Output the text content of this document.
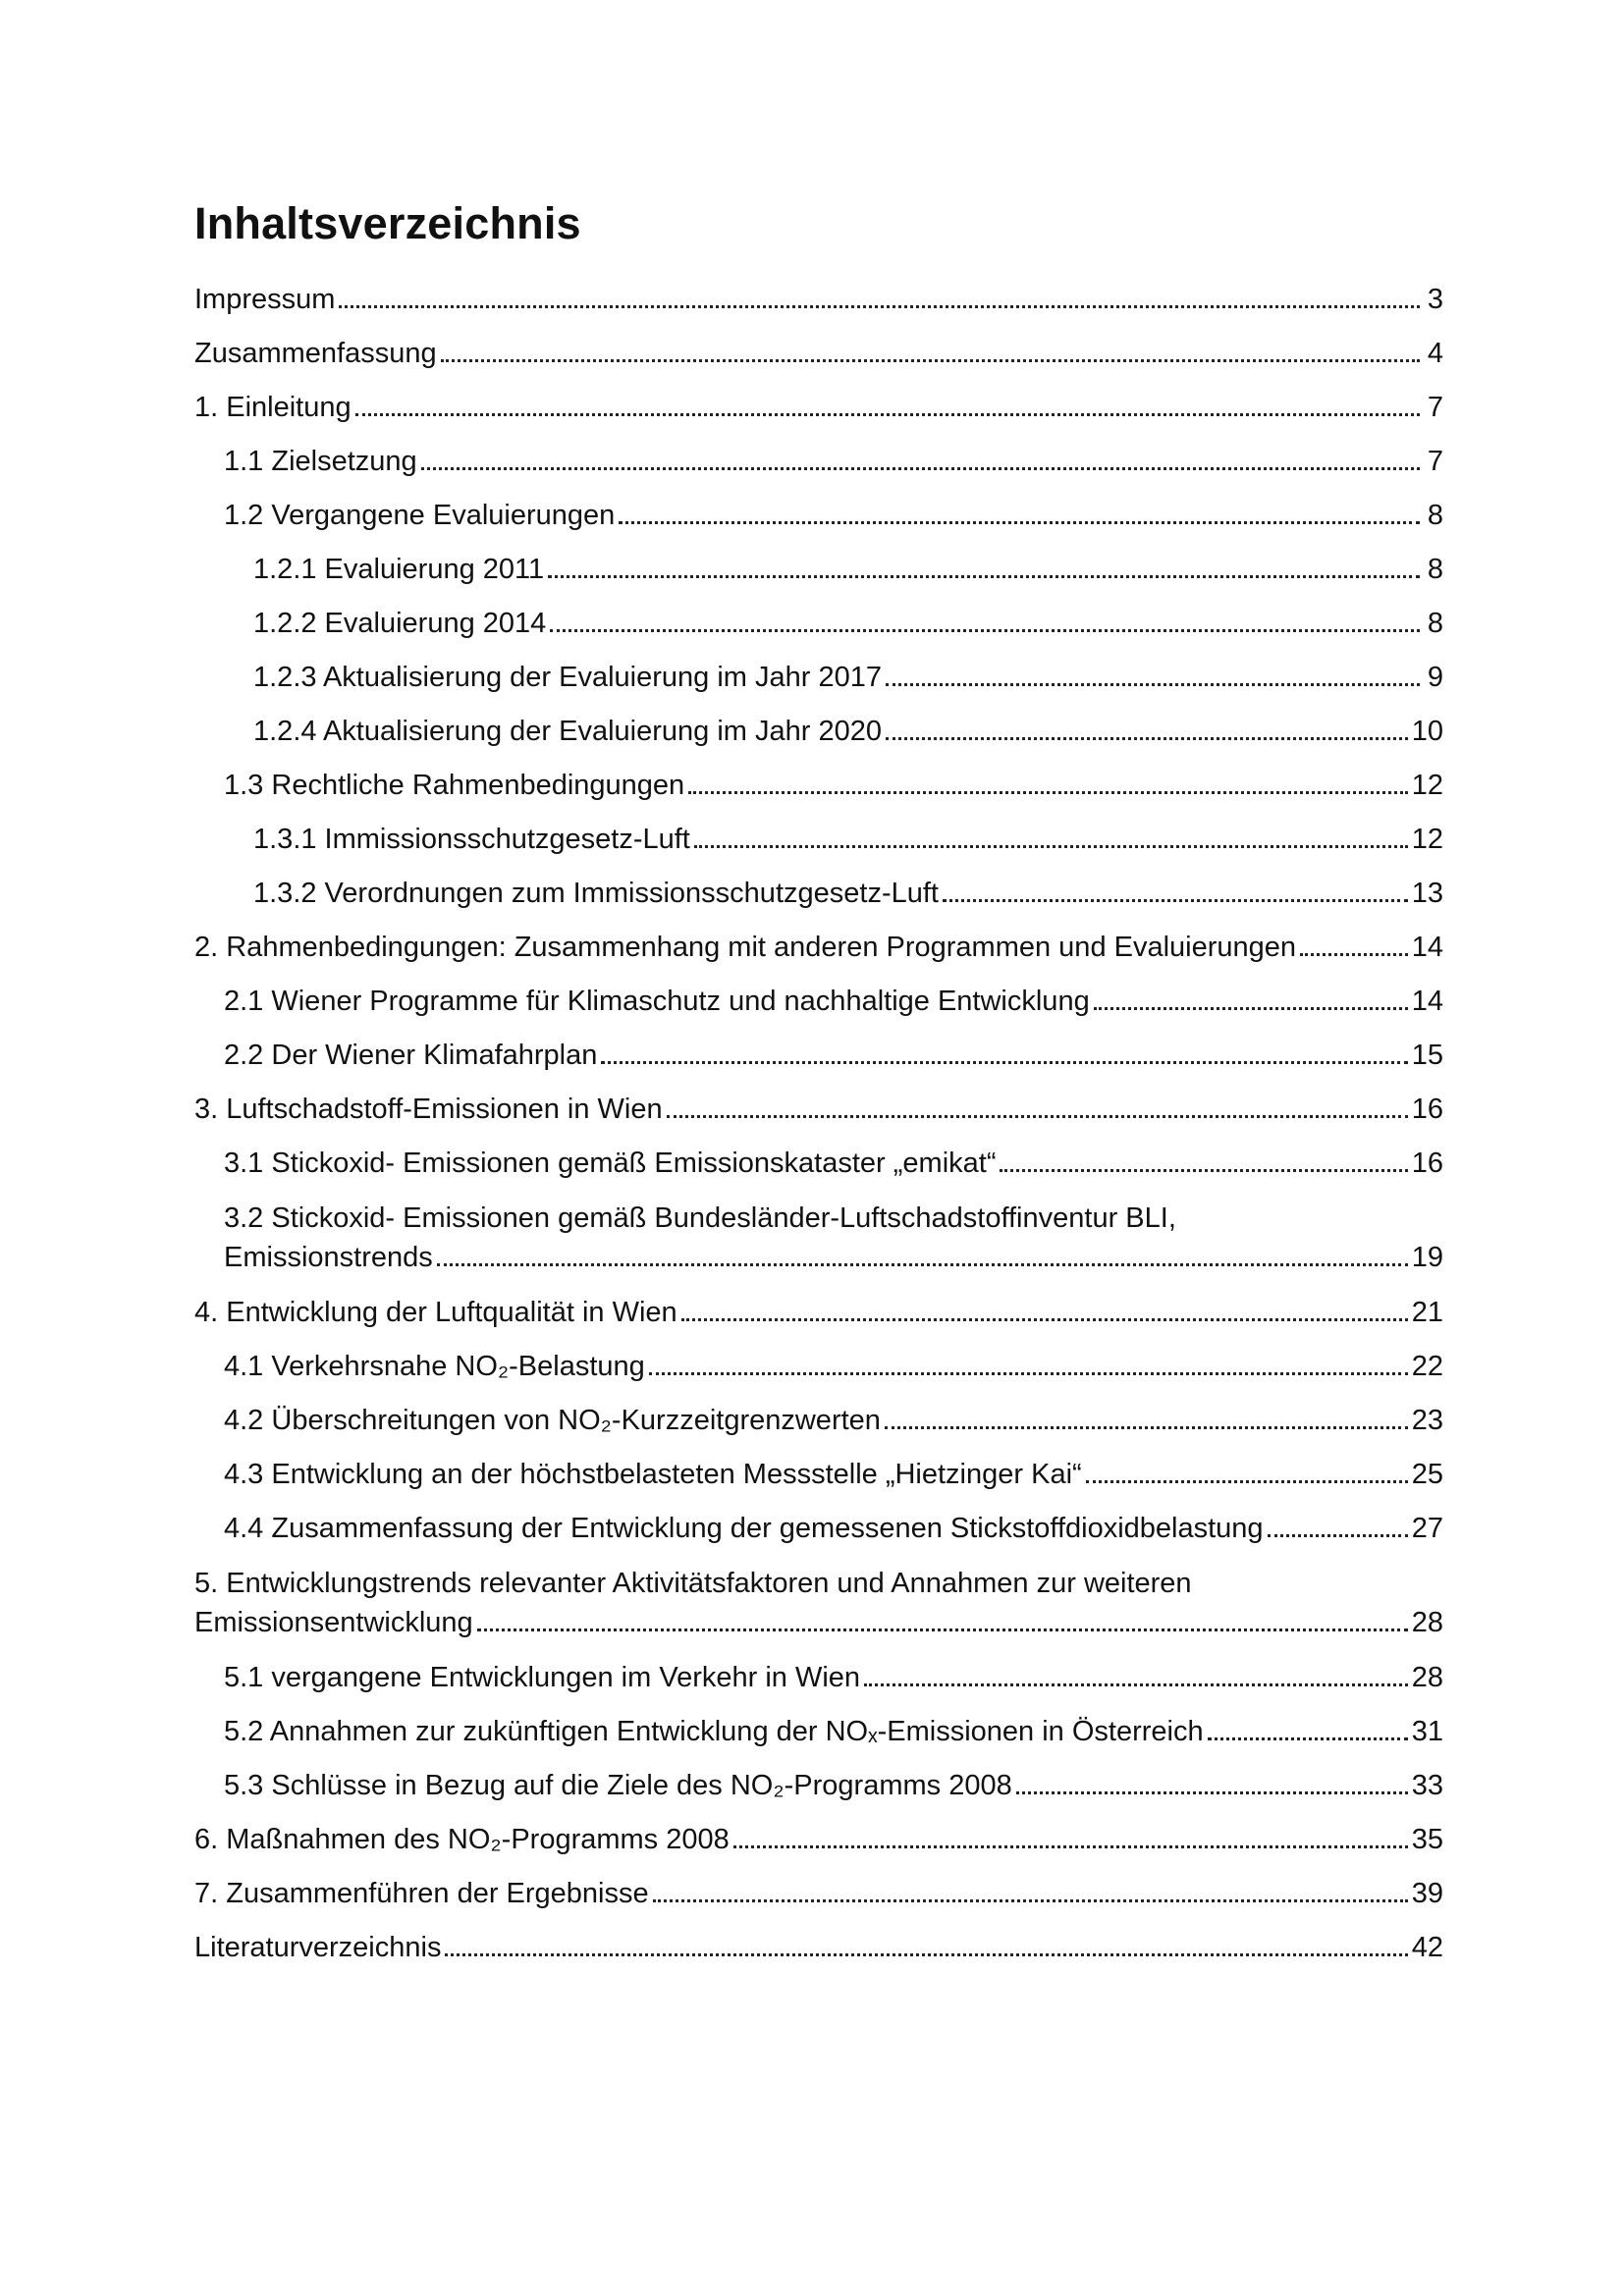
Inhaltsverzeichnis
Impressum	3
Zusammenfassung	4
1. Einleitung	7
1.1 Zielsetzung	7
1.2 Vergangene Evaluierungen	8
1.2.1 Evaluierung 2011	8
1.2.2 Evaluierung 2014	8
1.2.3 Aktualisierung der Evaluierung im Jahr 2017	9
1.2.4 Aktualisierung der Evaluierung im Jahr 2020	10
1.3 Rechtliche Rahmenbedingungen	12
1.3.1 Immissionsschutzgesetz-Luft	12
1.3.2 Verordnungen zum Immissionsschutzgesetz-Luft	13
2. Rahmenbedingungen: Zusammenhang mit anderen Programmen und Evaluierungen	14
2.1 Wiener Programme für Klimaschutz und nachhaltige Entwicklung	14
2.2 Der Wiener Klimafahrplan	15
3. Luftschadstoff-Emissionen in Wien	16
3.1 Stickoxid- Emissionen gemäß Emissionskataster „emikat“	16
3.2 Stickoxid- Emissionen gemäß Bundesländer-Luftschadstoffinventur BLI,
Emissionstrends	19
4. Entwicklung der Luftqualität in Wien	21
4.1 Verkehrsnahe NO₂-Belastung	22
4.2 Überschreitungen von NO₂-Kurzzeitgrenzwerten	23
4.3 Entwicklung an der höchstbelasteten Messstelle „Hietzinger Kai“	25
4.4 Zusammenfassung der Entwicklung der gemessenen Stickstoffdioxidbelastung	27
5. Entwicklungstrends relevanter Aktivitätsfaktoren und Annahmen zur weiteren
Emissionsentwicklung	28
5.1 vergangene Entwicklungen im Verkehr in Wien	28
5.2 Annahmen zur zukünftigen Entwicklung der NOₓ-Emissionen in Österreich	31
5.3 Schlüsse in Bezug auf die Ziele des NO₂-Programms 2008	33
6. Maßnahmen des NO₂-Programms 2008	35
7. Zusammenführen der Ergebnisse	39
Literaturverzeichnis	42
